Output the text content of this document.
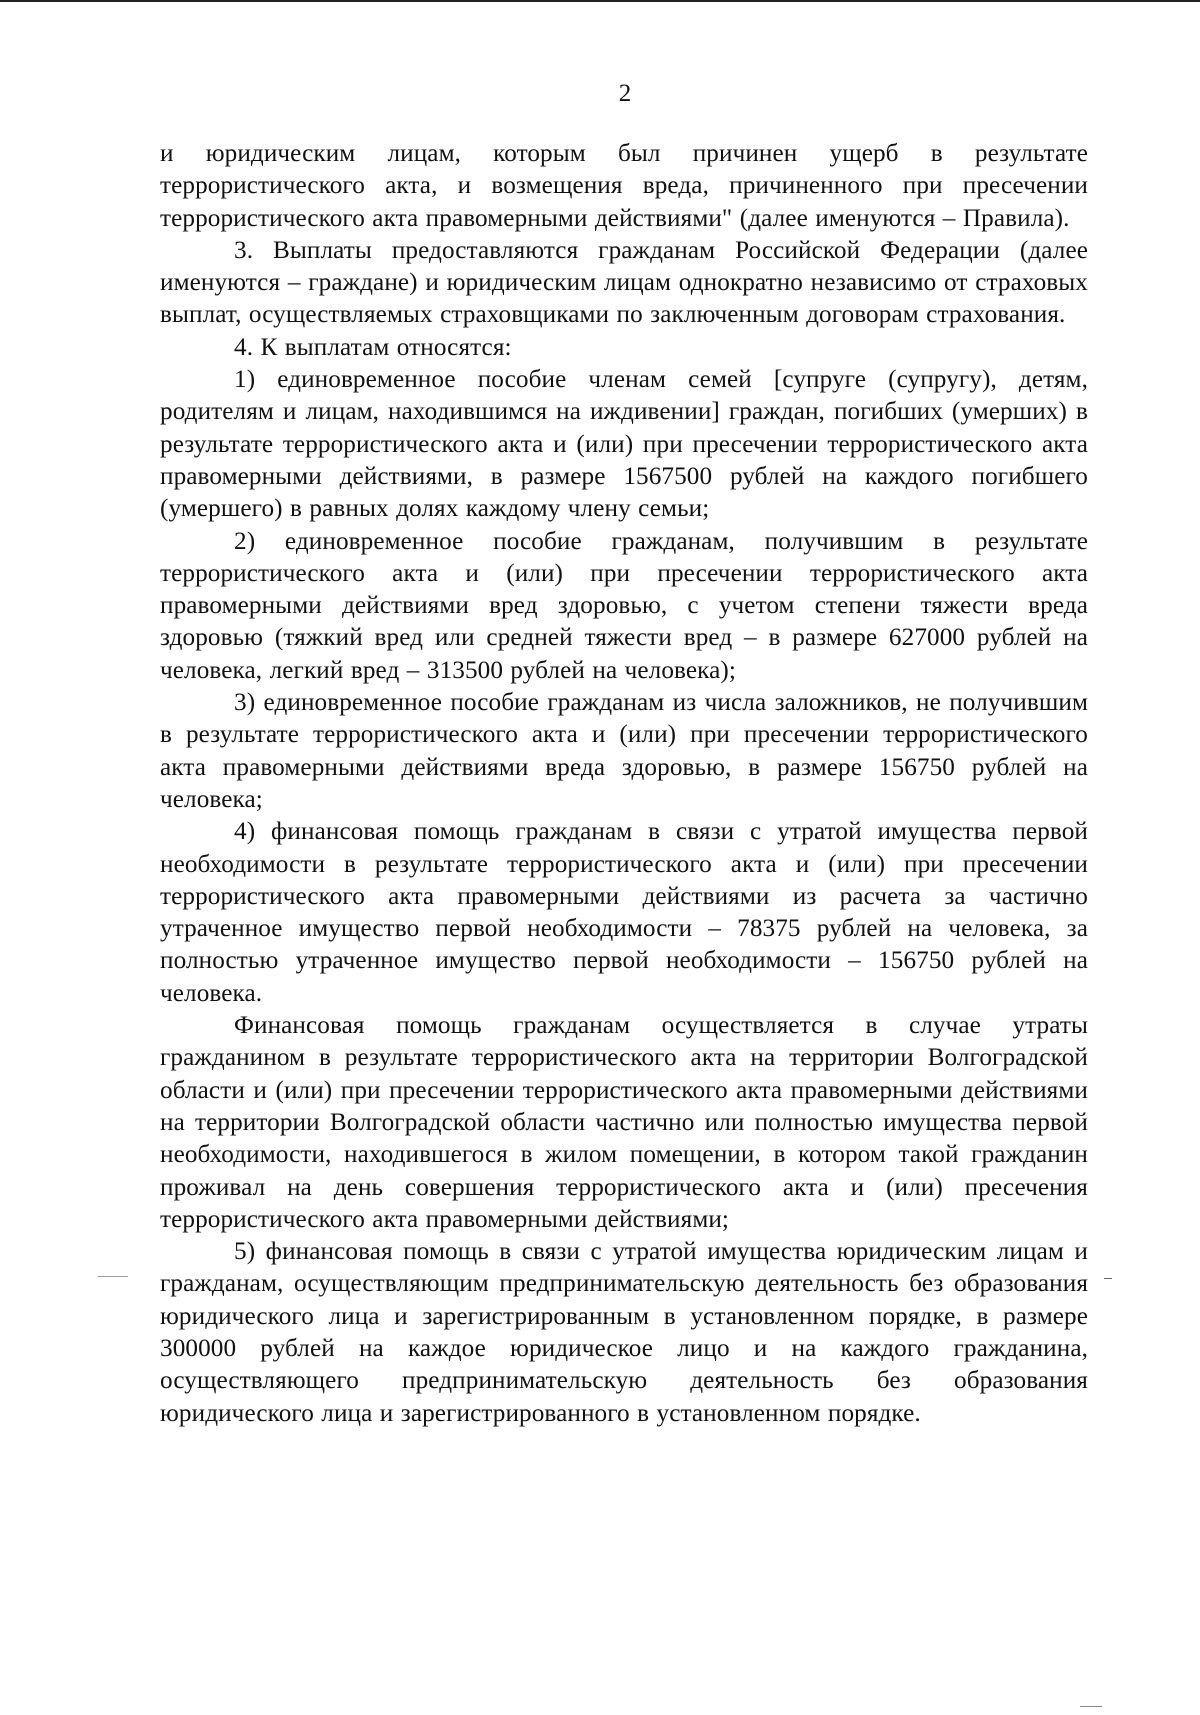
2

и юридическим лицам, которым был причинен ущерб в результате террористического акта, и возмещения вреда, причиненного при пресечении террористического акта правомерными действиями" (далее именуются – Правила).

3. Выплаты предоставляются гражданам Российской Федерации (далее именуются – граждане) и юридическим лицам однократно независимо от страховых выплат, осуществляемых страховщиками по заключенным договорам страхования.

4. К выплатам относятся:

1) единовременное пособие членам семей [супруге (супругу), детям, родителям и лицам, находившимся на иждивении] граждан, погибших (умерших) в результате террористического акта и (или) при пресечении террористического акта правомерными действиями, в размере 1567500 рублей на каждого погибшего (умершего) в равных долях каждому члену семьи;

2) единовременное пособие гражданам, получившим в результате террористического акта и (или) при пресечении террористического акта правомерными действиями вред здоровью, с учетом степени тяжести вреда здоровью (тяжкий вред или средней тяжести вред – в размере 627000 рублей на человека, легкий вред – 313500 рублей на человека);

3) единовременное пособие гражданам из числа заложников, не получившим в результате террористического акта и (или) при пресечении террористического акта правомерными действиями вреда здоровью, в размере 156750 рублей на человека;

4) финансовая помощь гражданам в связи с утратой имущества первой необходимости в результате террористического акта и (или) при пресечении террористического акта правомерными действиями из расчета за частично утраченное имущество первой необходимости – 78375 рублей на человека, за полностью утраченное имущество первой необходимости – 156750 рублей на человека.

Финансовая помощь гражданам осуществляется в случае утраты гражданином в результате террористического акта на территории Волгоградской области и (или) при пресечении террористического акта правомерными действиями на территории Волгоградской области частично или полностью имущества первой необходимости, находившегося в жилом помещении, в котором такой гражданин проживал на день совершения террористического акта и (или) пресечения террористического акта правомерными действиями;

5) финансовая помощь в связи с утратой имущества юридическим лицам и гражданам, осуществляющим предпринимательскую деятельность без образования юридического лица и зарегистрированным в установленном порядке, в размере 300000 рублей на каждое юридическое лицо и на каждого гражданина, осуществляющего предпринимательскую деятельность без образования юридического лица и зарегистрированного в установленном порядке.
